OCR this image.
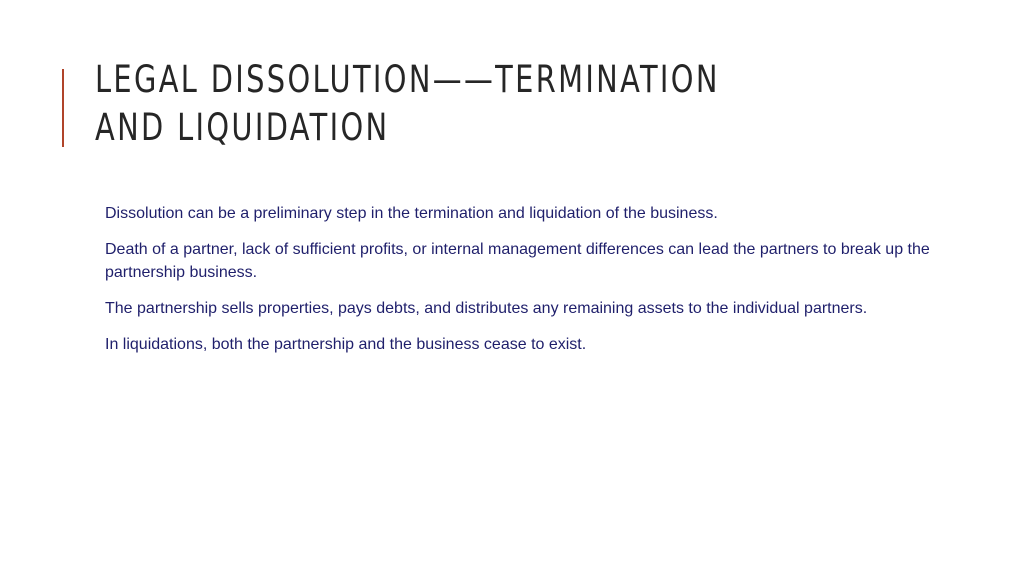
LEGAL DISSOLUTION——TERMINATION AND LIQUIDATION
Dissolution can be a preliminary step in the termination and liquidation of the business.
Death of a partner, lack of sufficient profits, or internal management differences can lead the partners to break up the partnership business.
The partnership sells properties, pays debts, and distributes any remaining assets to the individual partners.
In liquidations, both the partnership and the business cease to exist.
